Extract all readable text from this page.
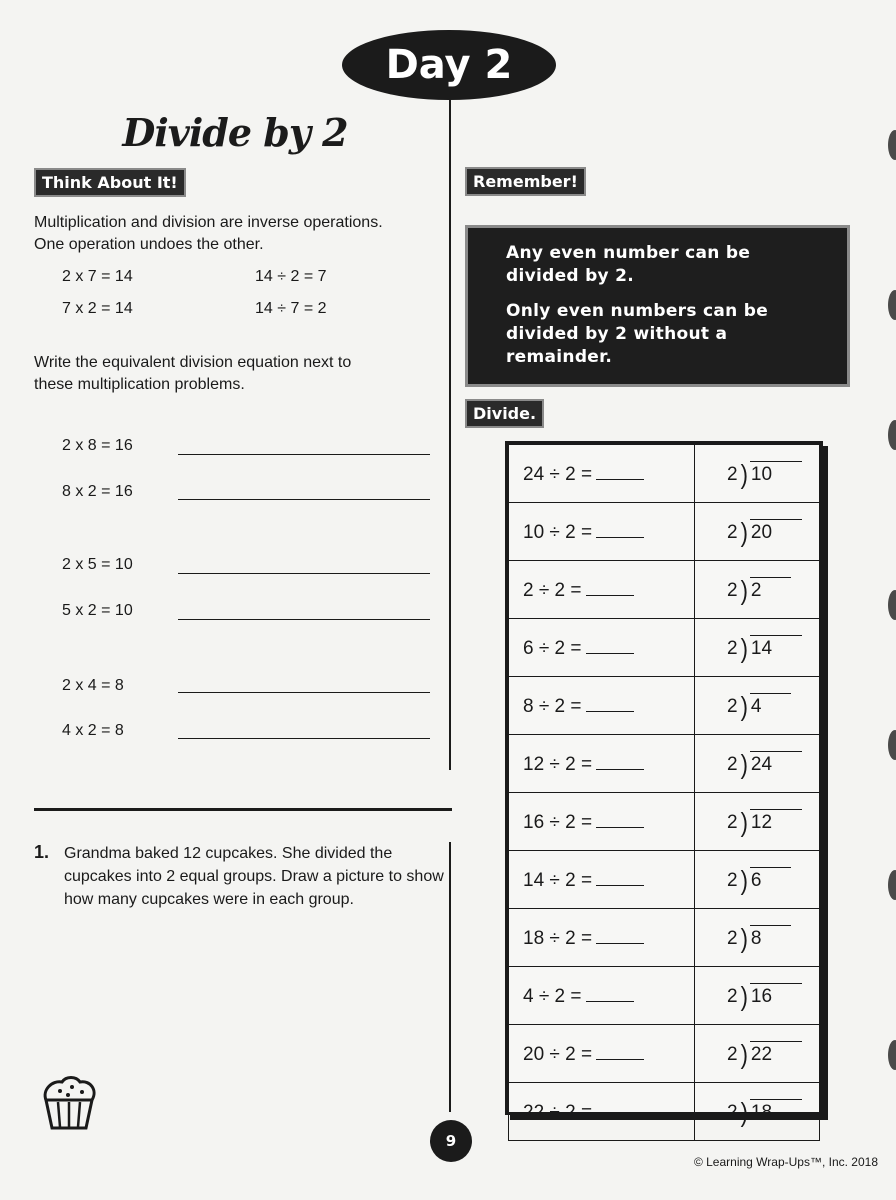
Day 2
Divide by 2
Think About It!
Multiplication and division are inverse operations.
One operation undoes the other.
2 x 7 = 14	14 ÷ 2 = 7
7 x 2 = 14	14 ÷ 7 = 2
Write the equivalent division equation next to
these multiplication problems.
2 x 8 = 16
8 x 2 = 16
2 x 5 = 10
5 x 2 = 10
2 x 4 = 8
4 x 2 = 8
Remember!

Any even number can be divided by 2.

Only even numbers can be divided by 2 without a remainder.

Divide.
24 ÷ 2 =	2 ) 10

10 ÷ 2 =	2 ) 20

2 ÷ 2 =	2 ) 2

6 ÷ 2 =	2 ) 14

8 ÷ 2 =	2 ) 4

12 ÷ 2 =	2 ) 24

16 ÷ 2 =	2 ) 12

14 ÷ 2 =	2 ) 6

18 ÷ 2 =	2 ) 8

4 ÷ 2 =	2 ) 16

20 ÷ 2 =	2 ) 22

22 ÷ 2 =	2 ) 18
1. Grandma baked 12 cupcakes. She divided the cupcakes into 2 equal groups. Draw a picture to show how many cupcakes were in each group.
9
© Learning Wrap-Ups™, Inc. 2018
